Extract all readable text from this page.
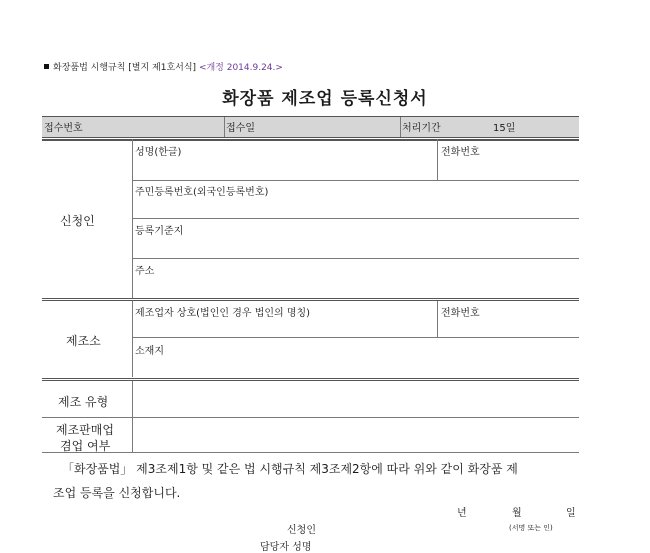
화장품법 시행규칙 [별지 제1호서식] <개정 2014.9.24.>
화장품 제조업 등록신청서
접수번호	접수일	처리기간	15일
신청인
성명(한글)	전화번호
주민등록번호(외국인등록번호)
등록기준지
주소
제조소
제조업자 상호(법인인 경우 법인의 명칭)	전화번호
소재지
제조 유형
제조판매업
겸업 여부
「화장품법」 제3조제1항 및 같은 법 시행규칙 제3조제2항에 따라 위와 같이 화장품 제
조업 등록을 신청합니다.
년	월	일
신청인	(서명 또는 인)
담당자 성명
